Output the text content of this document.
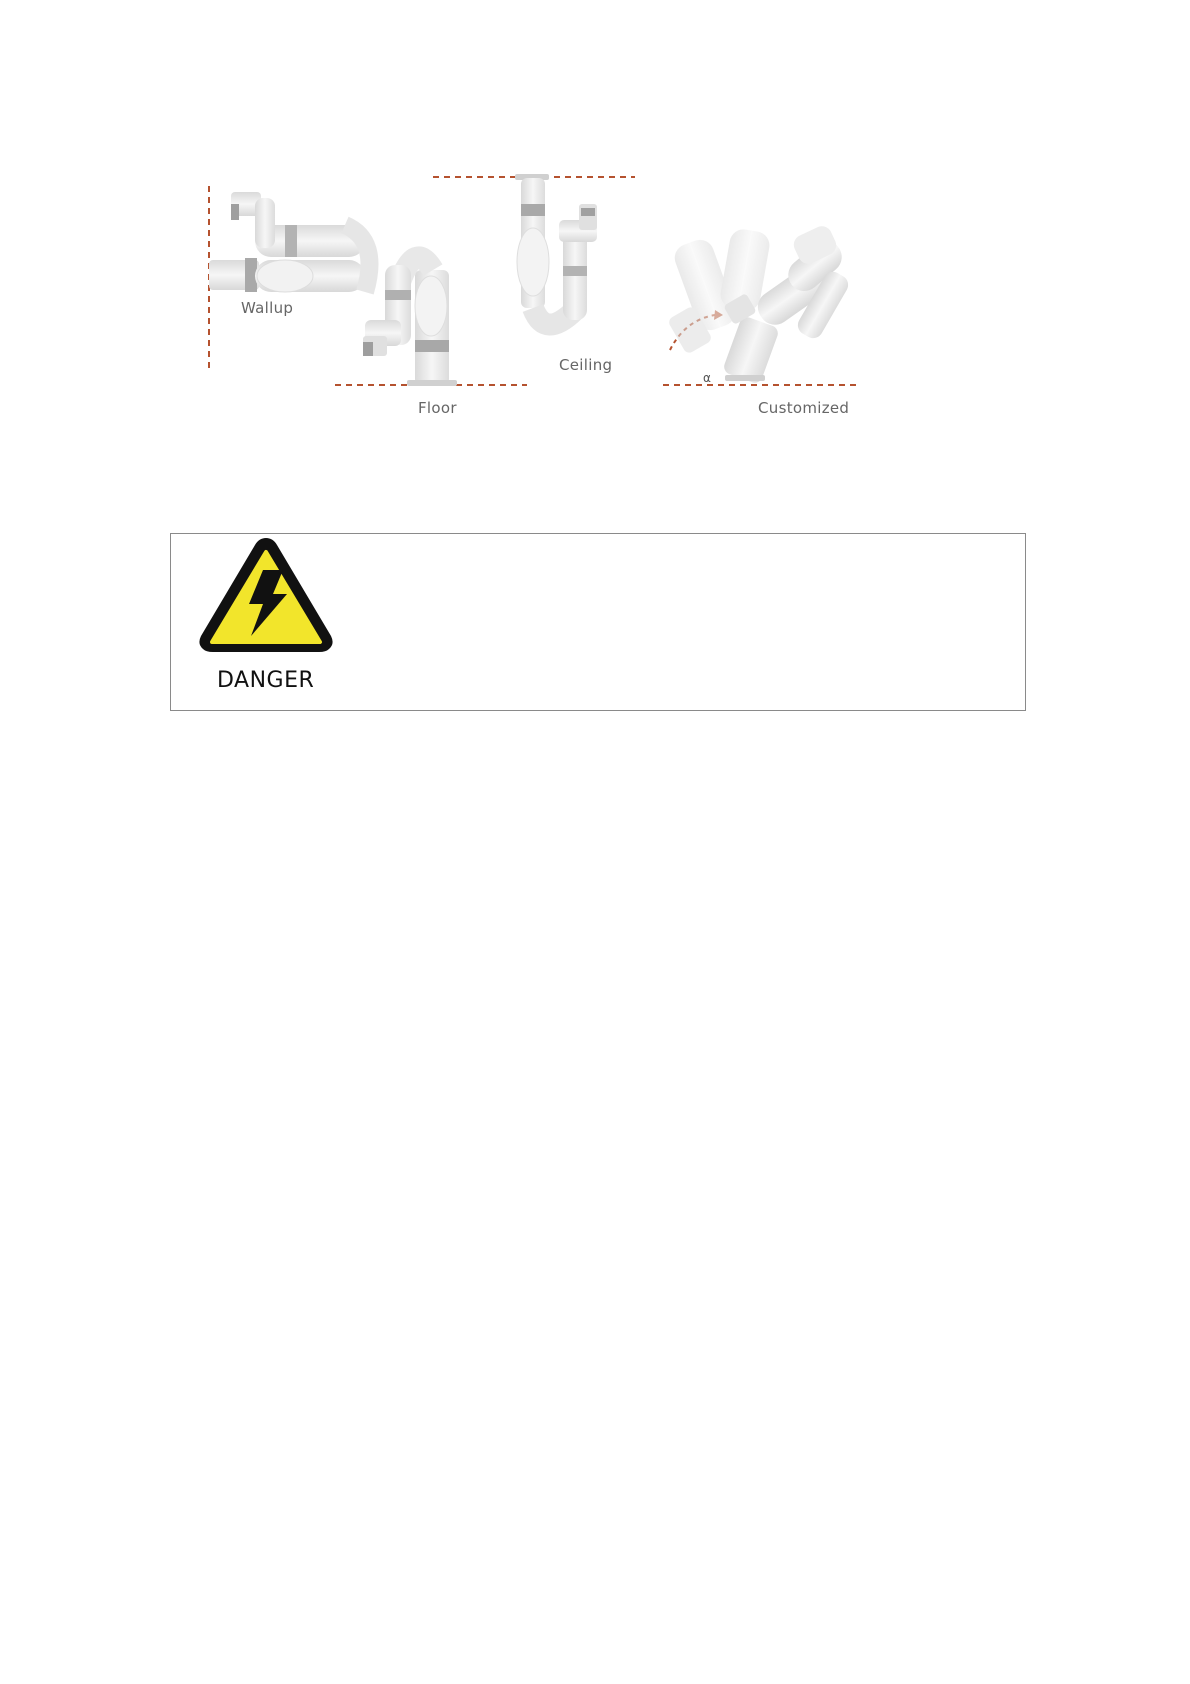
α
Wallup
Floor
Ceiling
Customized
DANGER
